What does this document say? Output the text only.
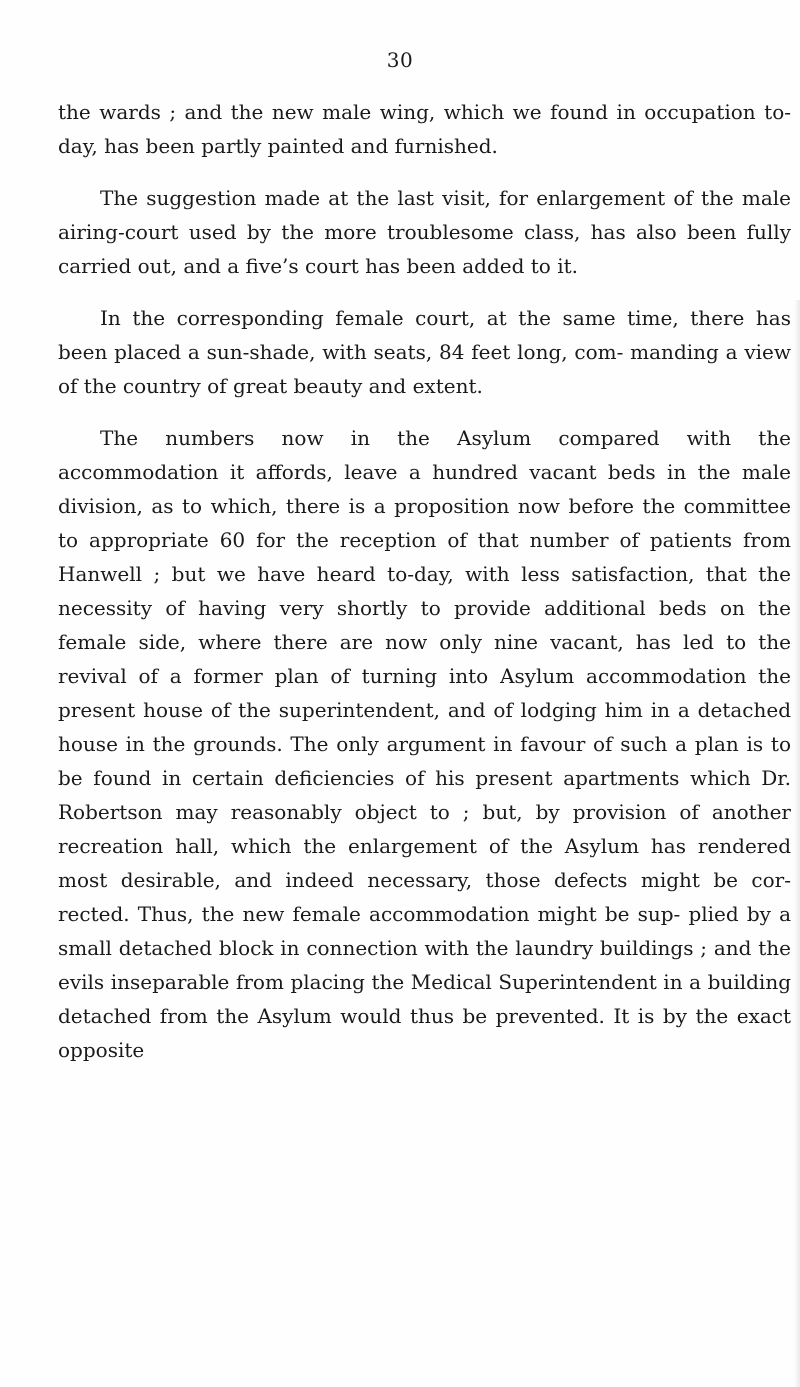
30

the wards ; and the new male wing, which we found in occupation to-day, has been partly painted and furnished.

The suggestion made at the last visit, for enlargement of the male airing-court used by the more troublesome class, has also been fully carried out, and a five’s court has been added to it.

In the corresponding female court, at the same time, there has been placed a sun-shade, with seats, 84 feet long, com- manding a view of the country of great beauty and extent.

The numbers now in the Asylum compared with the accommodation it affords, leave a hundred vacant beds in the male division, as to which, there is a proposition now before the committee to appropriate 60 for the reception of that number of patients from Hanwell ; but we have heard to-day, with less satisfaction, that the necessity of having very shortly to provide additional beds on the female side, where there are now only nine vacant, has led to the revival of a former plan of turning into Asylum accommodation the present house of the superintendent, and of lodging him in a detached house in the grounds. The only argument in favour of such a plan is to be found in certain deficiencies of his present apartments which Dr. Robertson may reasonably object to ; but, by provision of another recreation hall, which the enlargement of the Asylum has rendered most desirable, and indeed necessary, those defects might be cor- rected. Thus, the new female accommodation might be sup- plied by a small detached block in connection with the laundry buildings ; and the evils inseparable from placing the Medical Superintendent in a building detached from the Asylum would thus be prevented. It is by the exact opposite
